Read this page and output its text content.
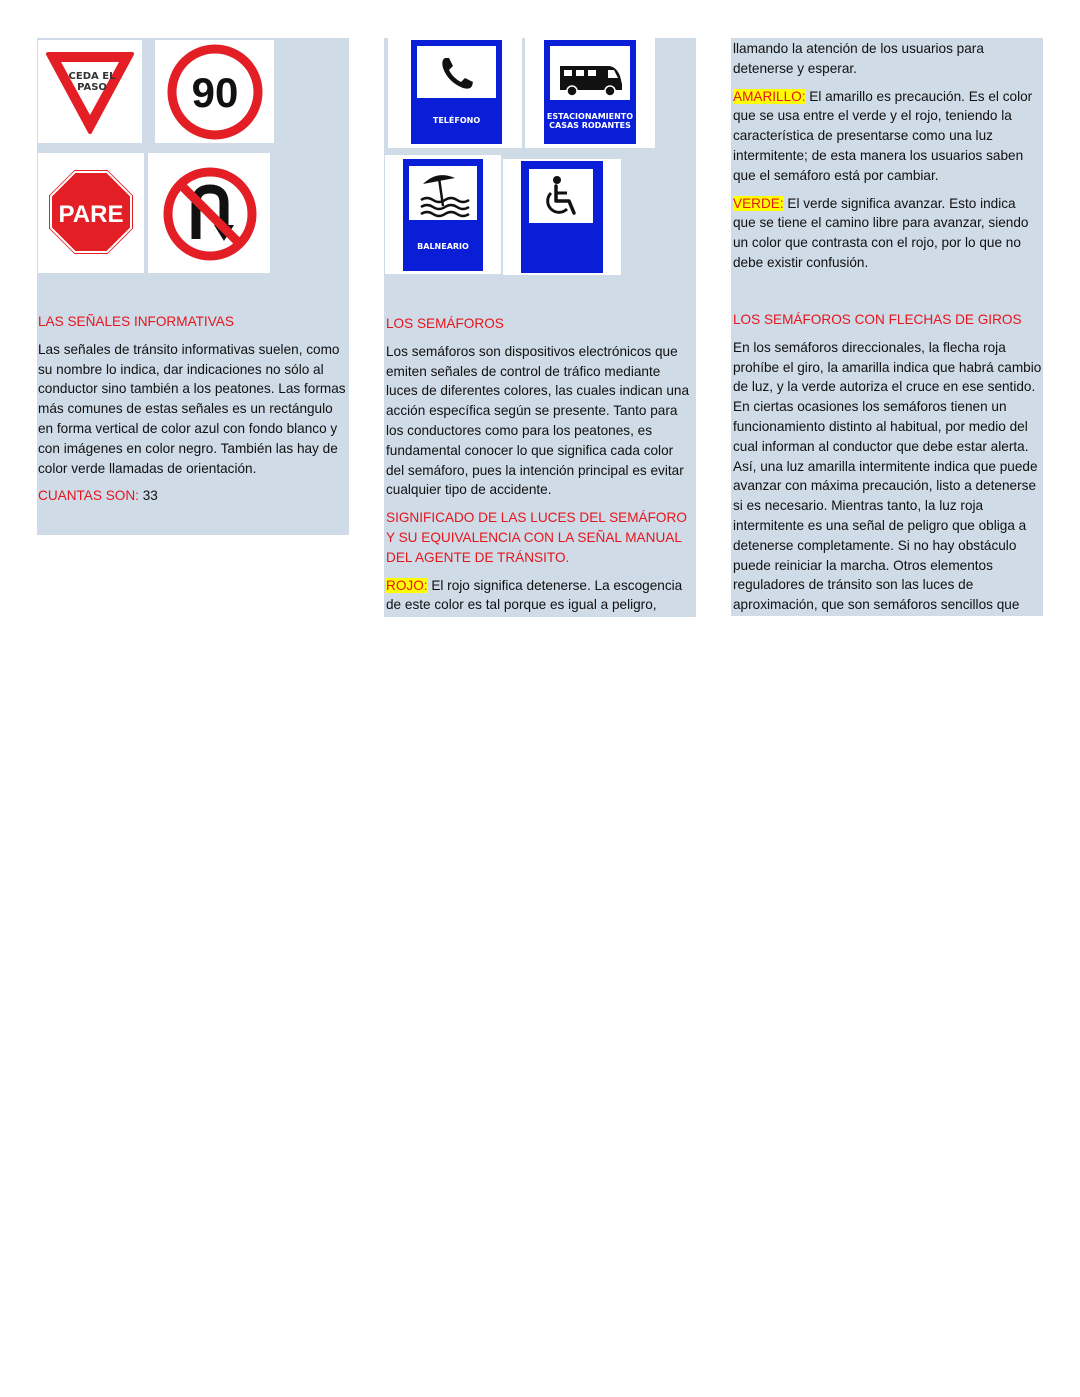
CEDA EL
PASO 90
PARE

LAS SEÑALES INFORMATIVAS

Las señales de tránsito informativas suelen, como su nombre lo indica, dar indicaciones no sólo al conductor sino también a los peatones. Las formas más comunes de estas señales es un rectángulo en forma vertical de color azul con fondo blanco y con imágenes en color negro. También las hay de color verde llamadas de orientación.

CUANTAS SON: 33

TELÉFONO	ESTACIONAMIENTO
CASAS RODANTES
BALNEARIO

LOS SEMÁFOROS

Los semáforos son dispositivos electrónicos que emiten señales de control de tráfico mediante luces de diferentes colores, las cuales indican una acción específica según se presente. Tanto para los conductores como para los peatones, es fundamental conocer lo que significa cada color del semáforo, pues la intención principal es evitar cualquier tipo de accidente.

SIGNIFICADO DE LAS LUCES DEL SEMÁFORO Y SU EQUIVALENCIA CON LA SEÑAL MANUAL DEL AGENTE DE TRÁNSITO.

ROJO: El rojo significa detenerse. La escogencia de este color es tal porque es igual a peligro,

llamando la atención de los usuarios para detenerse y esperar.

AMARILLO: El amarillo es precaución. Es el color que se usa entre el verde y el rojo, teniendo la característica de presentarse como una luz intermitente; de esta manera los usuarios saben que el semáforo está por cambiar.

VERDE: El verde significa avanzar. Esto indica que se tiene el camino libre para avanzar, siendo un color que contrasta con el rojo, por lo que no debe existir confusión.

LOS SEMÁFOROS CON FLECHAS DE GIROS

En los semáforos direccionales, la flecha roja prohíbe el giro, la amarilla indica que habrá cambio de luz, y la verde autoriza el cruce en ese sentido. En ciertas ocasiones los semáforos tienen un funcionamiento distinto al habitual, por medio del cual informan al conductor que debe estar alerta. Así, una luz amarilla intermitente indica que puede avanzar con máxima precaución, listo a detenerse si es necesario. Mientras tanto, la luz roja intermitente es una señal de peligro que obliga a detenerse completamente. Si no hay obstáculo puede reiniciar la marcha. Otros elementos reguladores de tránsito son las luces de aproximación, que son semáforos sencillos que
